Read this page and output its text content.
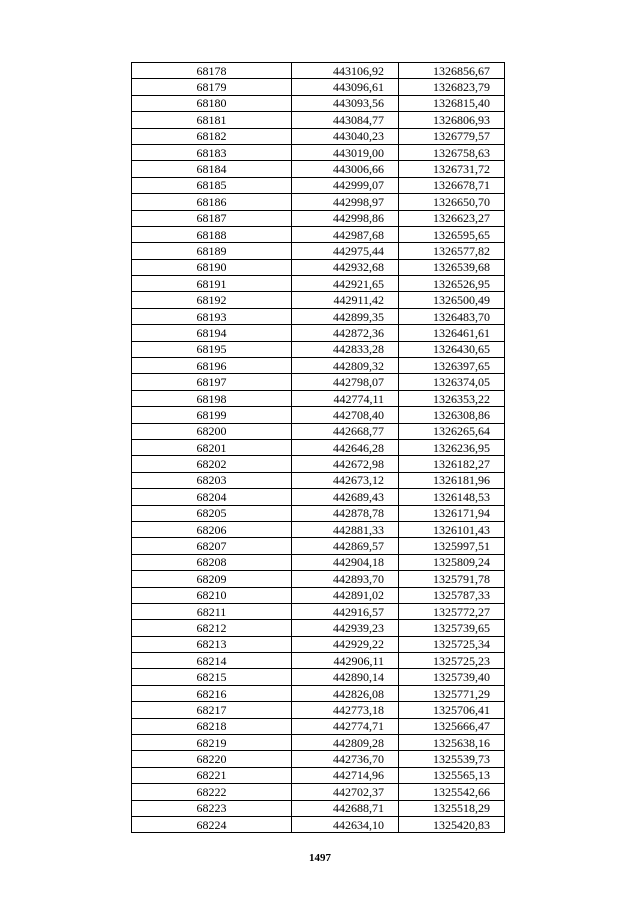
68178	443106,92	1326856,67
68179	443096,61	1326823,79
68180	443093,56	1326815,40
68181	443084,77	1326806,93
68182	443040,23	1326779,57
68183	443019,00	1326758,63
68184	443006,66	1326731,72
68185	442999,07	1326678,71
68186	442998,97	1326650,70
68187	442998,86	1326623,27
68188	442987,68	1326595,65
68189	442975,44	1326577,82
68190	442932,68	1326539,68
68191	442921,65	1326526,95
68192	442911,42	1326500,49
68193	442899,35	1326483,70
68194	442872,36	1326461,61
68195	442833,28	1326430,65
68196	442809,32	1326397,65
68197	442798,07	1326374,05
68198	442774,11	1326353,22
68199	442708,40	1326308,86
68200	442668,77	1326265,64
68201	442646,28	1326236,95
68202	442672,98	1326182,27
68203	442673,12	1326181,96
68204	442689,43	1326148,53
68205	442878,78	1326171,94
68206	442881,33	1326101,43
68207	442869,57	1325997,51
68208	442904,18	1325809,24
68209	442893,70	1325791,78
68210	442891,02	1325787,33
68211	442916,57	1325772,27
68212	442939,23	1325739,65
68213	442929,22	1325725,34
68214	442906,11	1325725,23
68215	442890,14	1325739,40
68216	442826,08	1325771,29
68217	442773,18	1325706,41
68218	442774,71	1325666,47
68219	442809,28	1325638,16
68220	442736,70	1325539,73
68221	442714,96	1325565,13
68222	442702,37	1325542,66
68223	442688,71	1325518,29
68224	442634,10	1325420,83
1497
